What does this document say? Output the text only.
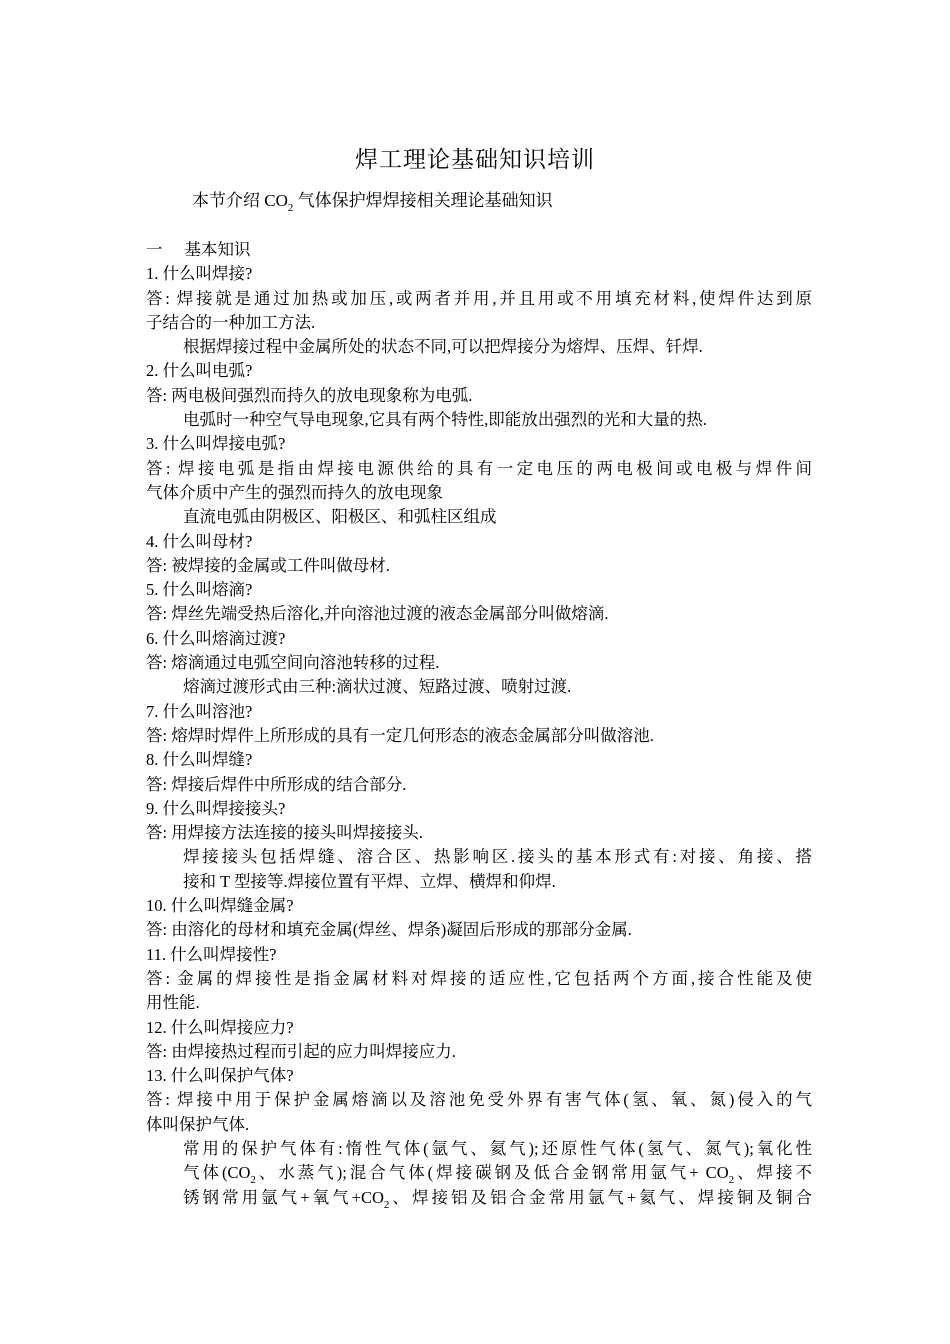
焊工理论基础知识培训
本节介绍 $CO_2$ 气体保护焊焊接相关理论基础知识
一 基本知识
1. 什么叫焊接?
答: 焊接就是通过加热或加压,或两者并用,并且用或不用填充材料,使焊件达到原
子结合的一种加工方法.
根据焊接过程中金属所处的状态不同,可以把焊接分为熔焊、压焊、钎焊.
2. 什么叫电弧?
答: 两电极间强烈而持久的放电现象称为电弧.
电弧时一种空气导电现象,它具有两个特性,即能放出强烈的光和大量的热.
3. 什么叫焊接电弧?
答: 焊接电弧是指由焊接电源供给的具有一定电压的两电极间或电极与焊件间
气体介质中产生的强烈而持久的放电现象
直流电弧由阴极区、阳极区、和弧柱区组成
4. 什么叫母材?
答: 被焊接的金属或工件叫做母材.
5. 什么叫熔滴?
答: 焊丝先端受热后溶化,并向溶池过渡的液态金属部分叫做熔滴.
6. 什么叫熔滴过渡?
答: 熔滴通过电弧空间向溶池转移的过程.
熔滴过渡形式由三种:滴状过渡、短路过渡、喷射过渡.
7. 什么叫溶池?
答: 熔焊时焊件上所形成的具有一定几何形态的液态金属部分叫做溶池.
8. 什么叫焊缝?
答: 焊接后焊件中所形成的结合部分.
9. 什么叫焊接接头?
答: 用焊接方法连接的接头叫焊接接头.
焊接接头包括焊缝、溶合区、热影响区.接头的基本形式有:对接、角接、搭
接和 T 型接等.焊接位置有平焊、立焊、横焊和仰焊.
10. 什么叫焊缝金属?
答: 由溶化的母材和填充金属(焊丝、焊条)凝固后形成的那部分金属.
11. 什么叫焊接性?
答: 金属的焊接性是指金属材料对焊接的适应性,它包括两个方面,接合性能及使
用性能.
12. 什么叫焊接应力?
答: 由焊接热过程而引起的应力叫焊接应力.
13. 什么叫保护气体?
答: 焊接中用于保护金属熔滴以及溶池免受外界有害气体(氢、氧、氮)侵入的气
体叫保护气体.
常用的保护气体有:惰性气体(氩气、氦气);还原性气体(氢气、氮气);氧化性
气体($CO_2$、水蒸气);混合气体(焊接碳钢及低合金钢常用氩气+ $CO_2$、焊接不
锈钢常用氩气+氧气$+CO_2$、焊接铝及铝合金常用氩气+氦气、焊接铜及铜合
